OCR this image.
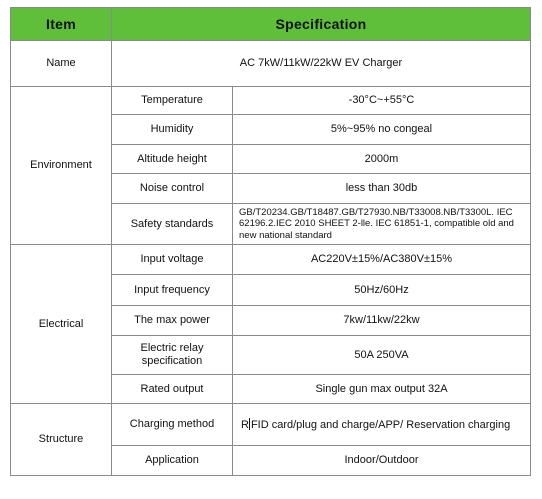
Item	Specification	
Name	AC 7kW/11kW/22kW EV Charger	
Environment	Temperature	-30°C~+55°C
	Humidity	5%~95% no congeal
	Altitude height	2000m
	Noise control	less than 30db
	Safety standards	GB/T20234.GB/T18487.GB/T27930.NB/T33008.NB/T3300L. IEC 62196.2.IEC 2010 SHEET 2-lle. IEC 61851-1, compatible old and new national standard
Electrical	Input voltage	AC220V±15%/AC380V±15%
	Input frequency	50Hz/60Hz
	The max power	7kw/11kw/22kw
	Electric relay specification	50A 250VA
	Rated output	Single gun max output 32A
Structure	Charging method	R FID card/plug and charge/APP/ Reservation charging
	Application	Indoor/Outdoor
